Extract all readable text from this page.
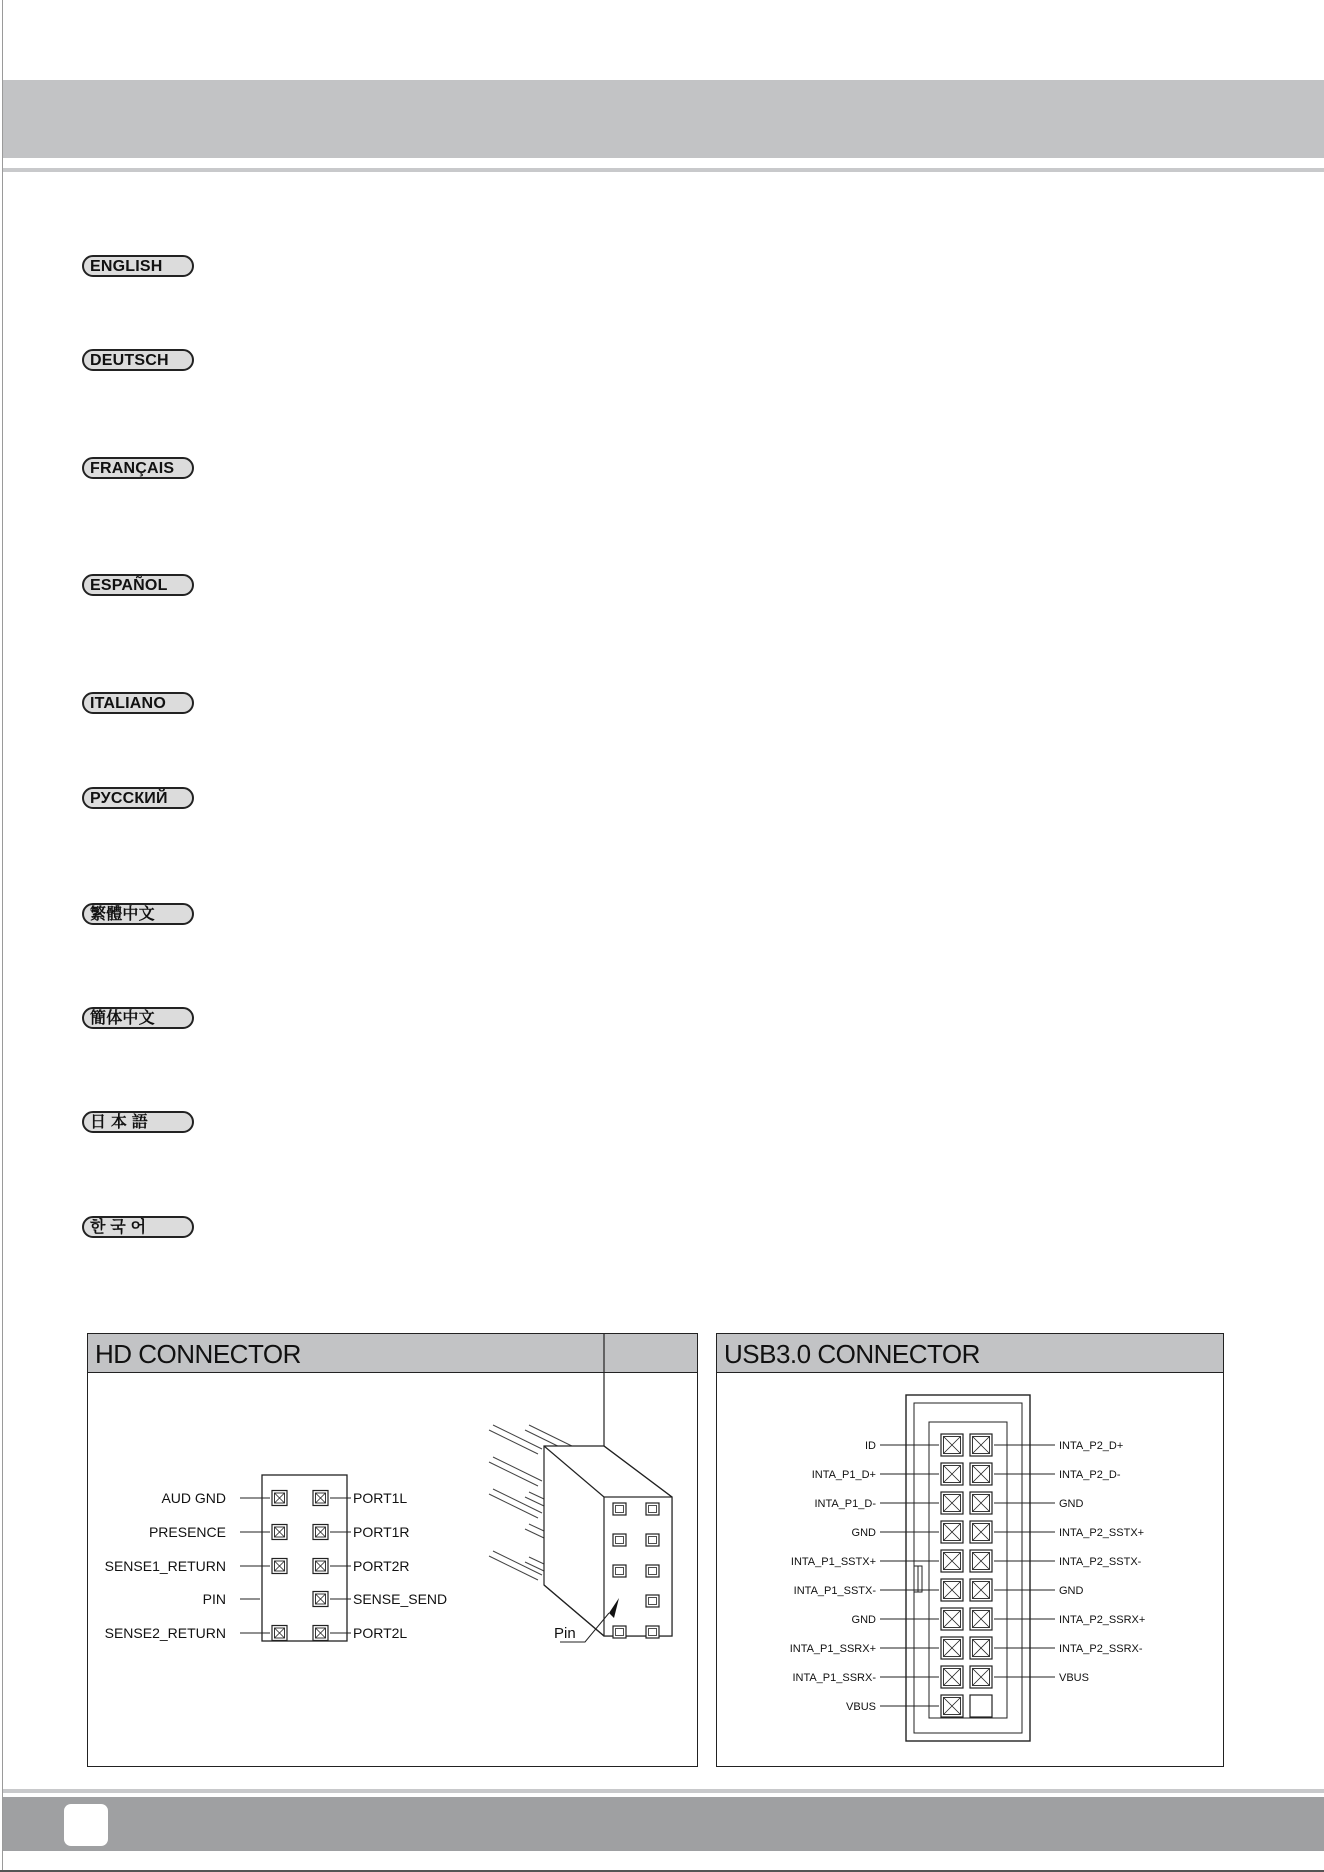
ENGLISH
DEUTSCH
FRANÇAIS
ESPAÑOL
ITALIANO
РУССКИЙ
繁體中文
簡体中文
日 本 語
한 국 어
HD CONNECTOR
AUD GND	PORT1L
PRESENCE	PORT1R
SENSE1_RETURN	PORT2R
PIN	SENSE_SEND
SENSE2_RETURN	PORT2L	Pin
USB3.0 CONNECTOR
ID	INTA_P2_D+
INTA_P1_D+	INTA_P2_D-
INTA_P1_D-	GND
GND	INTA_P2_SSTX+
INTA_P1_SSTX+	INTA_P2_SSTX-
INTA_P1_SSTX-	GND
GND	INTA_P2_SSRX+
INTA_P1_SSRX+	INTA_P2_SSRX-
INTA_P1_SSRX-	VBUS
VBUS
